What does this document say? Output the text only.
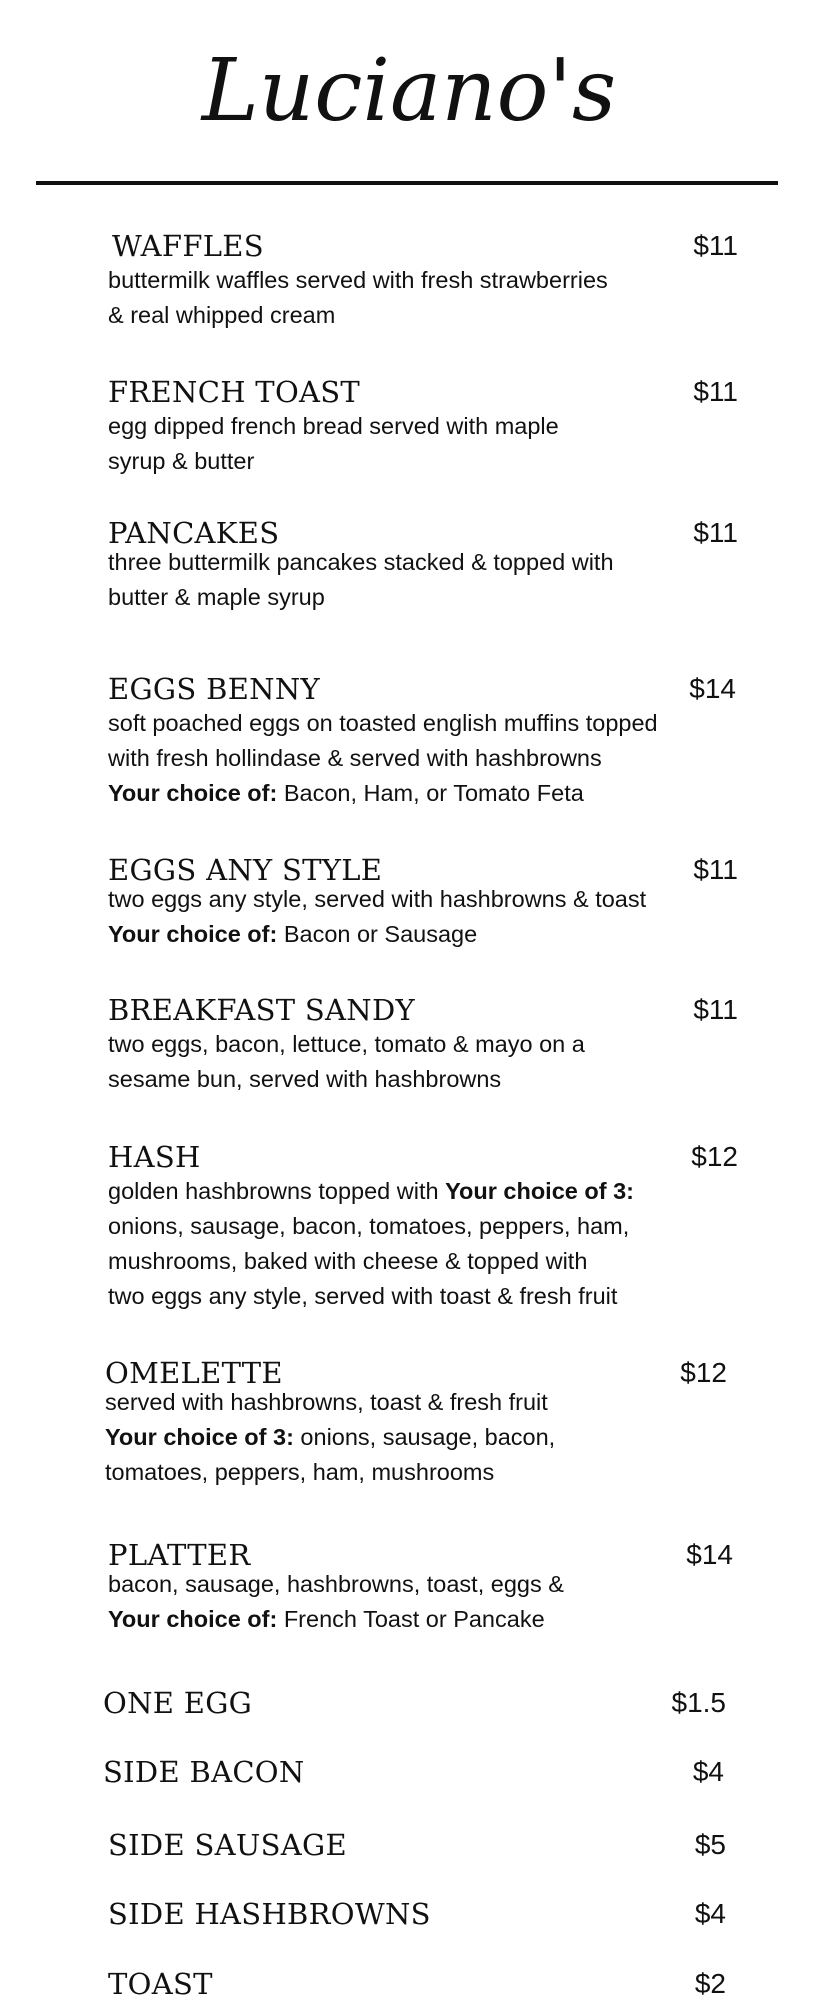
Luciano's
WAFFLES	$11
buttermilk waffles served with fresh strawberries
& real whipped cream
FRENCH TOAST	$11
egg dipped french bread served with maple
syrup & butter
PANCAKES	$11
three buttermilk pancakes stacked & topped with
butter & maple syrup
EGGS BENNY	$14
soft poached eggs on toasted english muffins topped
with fresh hollindase & served with hashbrowns
Your choice of: Bacon, Ham, or Tomato Feta
EGGS ANY STYLE	$11
two eggs any style, served with hashbrowns & toast
Your choice of: Bacon or Sausage
BREAKFAST SANDY	$11
two eggs, bacon, lettuce, tomato & mayo on a
sesame bun, served with hashbrowns
HASH	$12
golden hashbrowns topped with Your choice of 3:
onions, sausage, bacon, tomatoes, peppers, ham,
mushrooms, baked with cheese & topped with
two eggs any style, served with toast & fresh fruit
OMELETTE	$12
served with hashbrowns, toast & fresh fruit
Your choice of 3: onions, sausage, bacon,
tomatoes, peppers, ham, mushrooms
PLATTER	$14
bacon, sausage, hashbrowns, toast, eggs &
Your choice of: French Toast or Pancake
ONE EGG	$1.5
SIDE BACON	$4
SIDE SAUSAGE	$5
SIDE HASHBROWNS	$4
TOAST	$2
